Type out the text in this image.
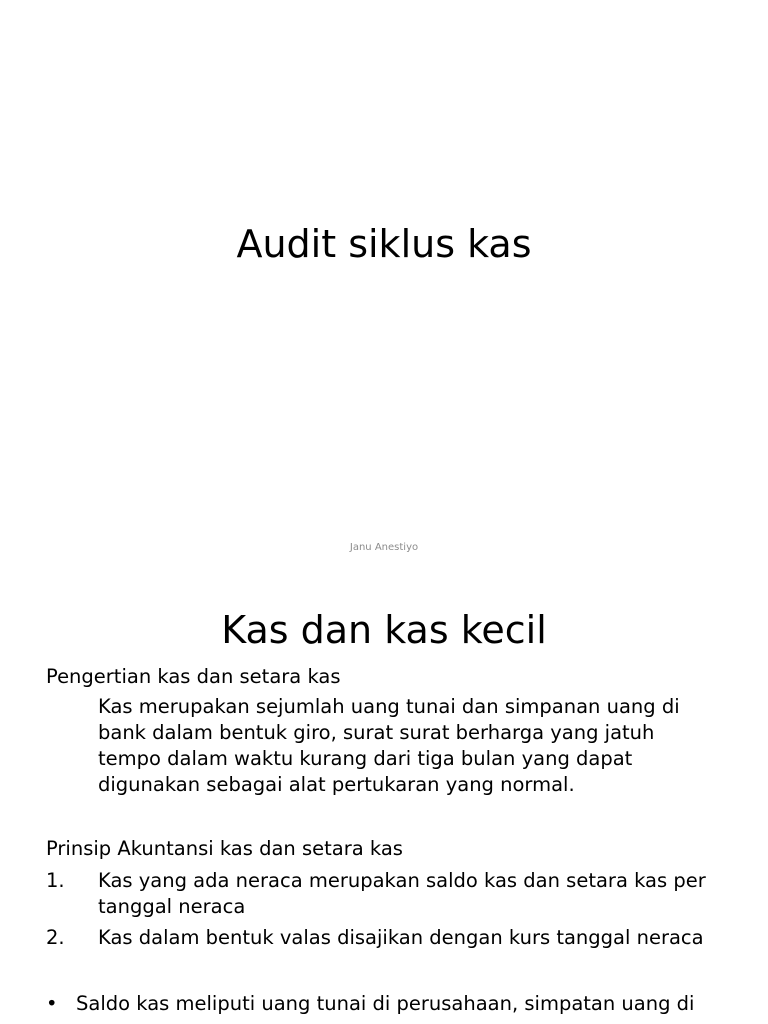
Audit siklus kas

Janu Anestiyo

Kas dan kas kecil

Pengertian kas dan setara kas

Kas merupakan sejumlah uang tunai dan simpanan uang di
bank dalam bentuk giro, surat surat berharga yang jatuh
tempo dalam waktu kurang dari tiga bulan yang dapat
digunakan sebagai alat pertukaran yang normal.

Prinsip Akuntansi kas dan setara kas

1. Kas yang ada neraca merupakan saldo kas dan setara kas per
tanggal neraca
2. Kas dalam bentuk valas disajikan dengan kurs tanggal neraca
• Saldo kas meliputi uang tunai di perusahaan, simpatan uang di
